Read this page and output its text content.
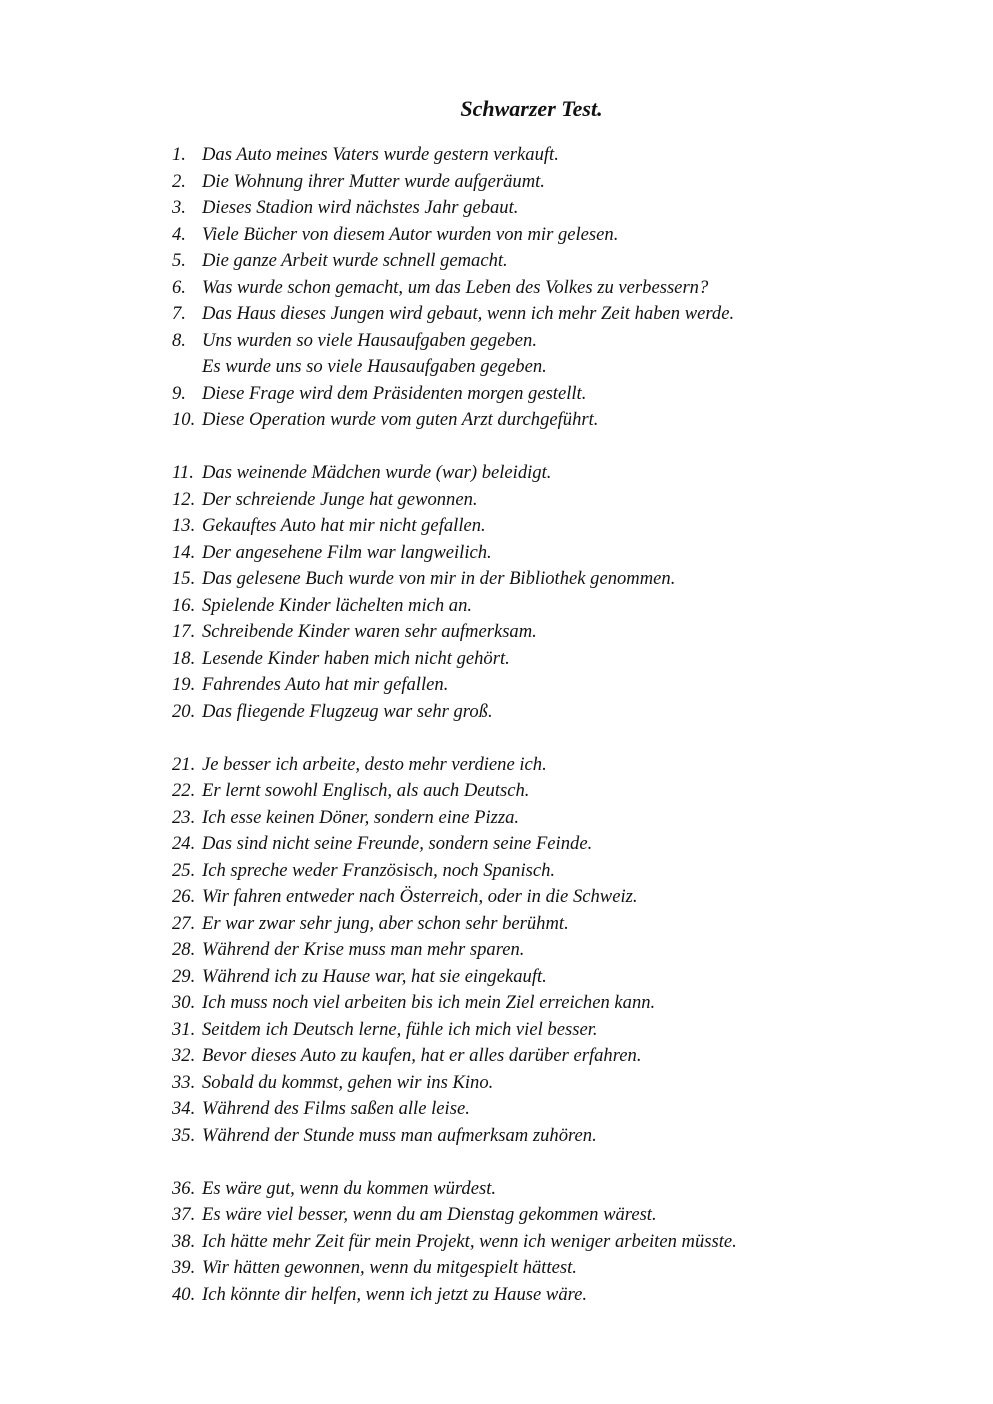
Schwarzer Test.
1. Das Auto meines Vaters wurde gestern verkauft.
2. Die Wohnung ihrer Mutter wurde aufgeräumt.
3. Dieses Stadion wird nächstes Jahr gebaut.
4. Viele Bücher von diesem Autor wurden von mir gelesen.
5. Die ganze Arbeit wurde schnell gemacht.
6. Was wurde schon gemacht, um das Leben des Volkes zu verbessern?
7. Das Haus dieses Jungen wird gebaut, wenn ich mehr Zeit haben werde.
8. Uns wurden so viele Hausaufgaben gegeben.
Es wurde uns so viele Hausaufgaben gegeben.
9. Diese Frage wird dem Präsidenten morgen gestellt.
10. Diese Operation wurde vom guten Arzt durchgeführt.
11. Das weinende Mädchen wurde (war) beleidigt.
12. Der schreiende Junge hat gewonnen.
13. Gekauftes Auto hat mir nicht gefallen.
14. Der angesehene Film war langweilich.
15. Das gelesene Buch wurde von mir in der Bibliothek genommen.
16. Spielende Kinder lächelten mich an.
17. Schreibende Kinder waren sehr aufmerksam.
18. Lesende Kinder haben mich nicht gehört.
19. Fahrendes Auto hat mir gefallen.
20. Das fliegende Flugzeug war sehr groß.
21. Je besser ich arbeite, desto mehr verdiene ich.
22. Er lernt sowohl Englisch, als auch Deutsch.
23. Ich esse keinen Döner, sondern eine Pizza.
24. Das sind nicht seine Freunde, sondern seine Feinde.
25. Ich spreche weder Französisch, noch Spanisch.
26. Wir fahren entweder nach Österreich, oder in die Schweiz.
27. Er war zwar sehr jung, aber schon sehr berühmt.
28. Während der Krise muss man mehr sparen.
29. Während ich zu Hause war, hat sie eingekauft.
30. Ich muss noch viel arbeiten bis ich mein Ziel erreichen kann.
31. Seitdem ich Deutsch lerne, fühle ich mich viel besser.
32. Bevor dieses Auto zu kaufen, hat er alles darüber erfahren.
33. Sobald du kommst, gehen wir ins Kino.
34. Während des Films saßen alle leise.
35. Während der Stunde muss man aufmerksam zuhören.
36. Es wäre gut, wenn du kommen würdest.
37. Es wäre viel besser, wenn du am Dienstag gekommen wärest.
38. Ich hätte mehr Zeit für mein Projekt, wenn ich weniger arbeiten müsste.
39. Wir hätten gewonnen, wenn du mitgespielt hättest.
40. Ich könnte dir helfen, wenn ich jetzt zu Hause wäre.
